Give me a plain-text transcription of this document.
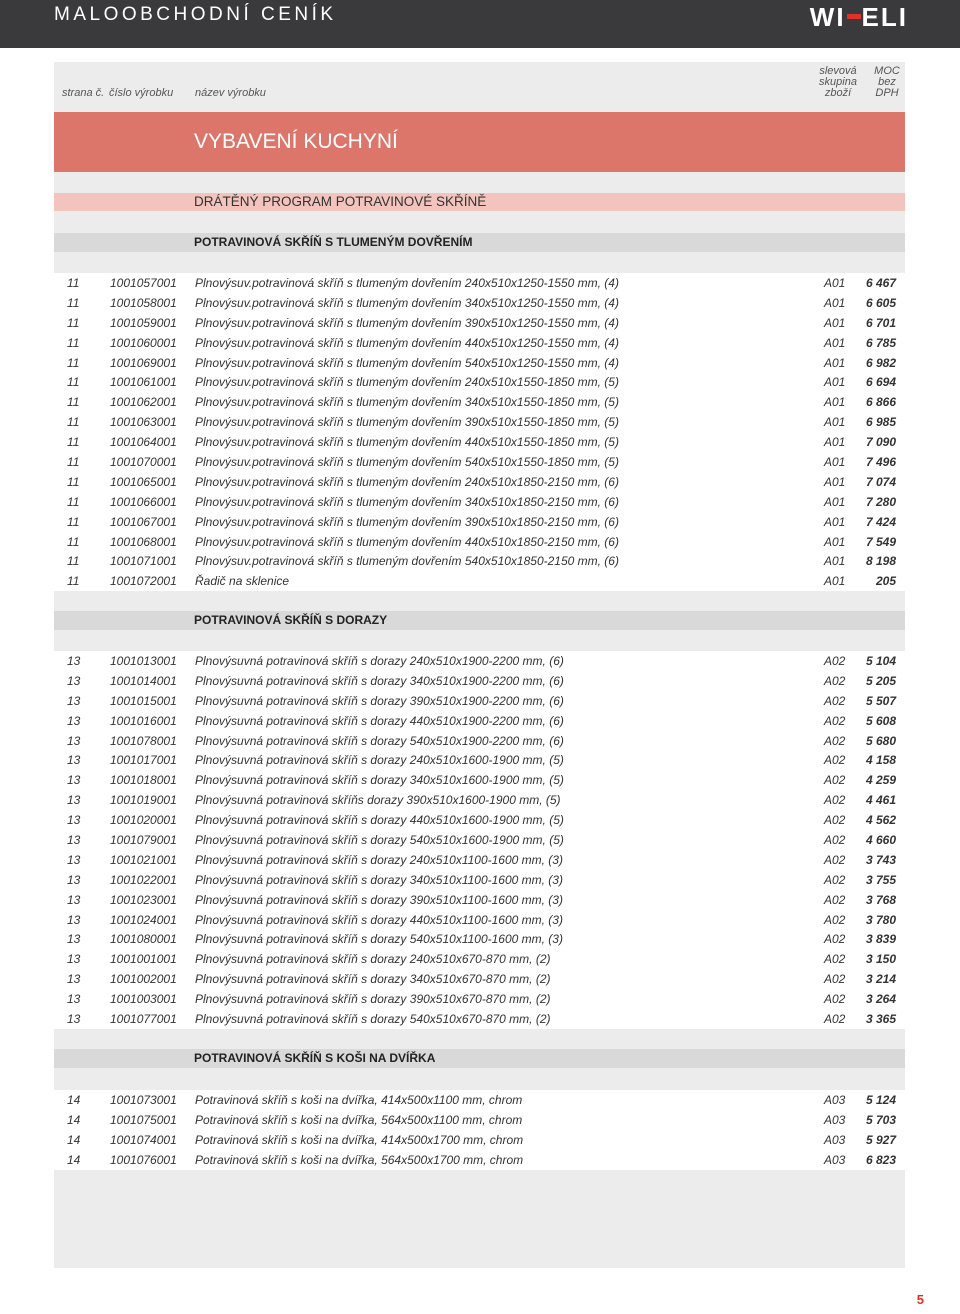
MALOOBCHODNÍ CENÍK	WI ELI
strana č. číslo výrobku název výrobku
slevová
skupina
zboží
MOC
bez
DPH
VYBAVENÍ KUCHYNÍ
DRÁTĚNÝ PROGRAM POTRAVINOVÉ SKŘÍNĚ
POTRAVINOVÁ SKŘÍŇ S TLUMENÝM DOVŘENÍM
11	1001057001 Plnovýsuv.potravinová skříň s tlumeným dovřením 240x510x1250-1550 mm, (4)	A01 6 467
11	1001058001 Plnovýsuv.potravinová skříň s tlumeným dovřením 340x510x1250-1550 mm, (4)	A01 6 605
11	1001059001 Plnovýsuv.potravinová skříň s tlumeným dovřením 390x510x1250-1550 mm, (4)	A01 6 701
11	1001060001 Plnovýsuv.potravinová skříň s tlumeným dovřením 440x510x1250-1550 mm, (4)	A01 6 785
11	1001069001 Plnovýsuv.potravinová skříň s tlumeným dovřením 540x510x1250-1550 mm, (4)	A01 6 982
11	1001061001 Plnovýsuv.potravinová skříň s tlumeným dovřením 240x510x1550-1850 mm, (5)	A01 6 694
11	1001062001 Plnovýsuv.potravinová skříň s tlumeným dovřením 340x510x1550-1850 mm, (5)	A01 6 866
11	1001063001 Plnovýsuv.potravinová skříň s tlumeným dovřením 390x510x1550-1850 mm, (5)	A01 6 985
11	1001064001 Plnovýsuv.potravinová skříň s tlumeným dovřením 440x510x1550-1850 mm, (5)	A01 7 090
11	1001070001 Plnovýsuv.potravinová skříň s tlumeným dovřením 540x510x1550-1850 mm, (5)	A01 7 496
11	1001065001 Plnovýsuv.potravinová skříň s tlumeným dovřením 240x510x1850-2150 mm, (6)	A01 7 074
11	1001066001 Plnovýsuv.potravinová skříň s tlumeným dovřením 340x510x1850-2150 mm, (6)	A01 7 280
11	1001067001 Plnovýsuv.potravinová skříň s tlumeným dovřením 390x510x1850-2150 mm, (6)	A01 7 424
11	1001068001 Plnovýsuv.potravinová skříň s tlumeným dovřením 440x510x1850-2150 mm, (6)	A01 7 549
11	1001071001 Plnovýsuv.potravinová skříň s tlumeným dovřením 540x510x1850-2150 mm, (6)	A01 8 198
11	1001072001 Řadič na sklenice	A01	205
POTRAVINOVÁ SKŘÍŇ S DORAZY
13 1001013001 Plnovýsuvná potravinová skříň s dorazy 240x510x1900-2200 mm, (6)	A02 5 104
13 1001014001 Plnovýsuvná potravinová skříň s dorazy 340x510x1900-2200 mm, (6)	A02 5 205
13 1001015001 Plnovýsuvná potravinová skříň s dorazy 390x510x1900-2200 mm, (6)	A02 5 507
13 1001016001 Plnovýsuvná potravinová skříň s dorazy 440x510x1900-2200 mm, (6)	A02 5 608
13 1001078001 Plnovýsuvná potravinová skříň s dorazy 540x510x1900-2200 mm, (6)	A02 5 680
13 1001017001 Plnovýsuvná potravinová skříň s dorazy 240x510x1600-1900 mm, (5)	A02 4 158
13 1001018001 Plnovýsuvná potravinová skříň s dorazy 340x510x1600-1900 mm, (5)	A02 4 259
13 1001019001 Plnovýsuvná potravinová skříňs dorazy 390x510x1600-1900 mm, (5)	A02 4 461
13 1001020001 Plnovýsuvná potravinová skříň s dorazy 440x510x1600-1900 mm, (5)	A02 4 562
13 1001079001 Plnovýsuvná potravinová skříň s dorazy 540x510x1600-1900 mm, (5)	A02 4 660
13 1001021001 Plnovýsuvná potravinová skříň s dorazy 240x510x1100-1600 mm, (3)	A02 3 743
13 1001022001 Plnovýsuvná potravinová skříň s dorazy 340x510x1100-1600 mm, (3)	A02 3 755
13 1001023001 Plnovýsuvná potravinová skříň s dorazy 390x510x1100-1600 mm, (3)	A02 3 768
13 1001024001 Plnovýsuvná potravinová skříň s dorazy 440x510x1100-1600 mm, (3)	A02 3 780
13 1001080001 Plnovýsuvná potravinová skříň s dorazy 540x510x1100-1600 mm, (3)	A02 3 839
13 1001001001 Plnovýsuvná potravinová skříň s dorazy 240x510x670-870 mm, (2)	A02 3 150
13 1001002001 Plnovýsuvná potravinová skříň s dorazy 340x510x670-870 mm, (2)	A02 3 214
13 1001003001 Plnovýsuvná potravinová skříň s dorazy 390x510x670-870 mm, (2)	A02 3 264
13 1001077001 Plnovýsuvná potravinová skříň s dorazy 540x510x670-870 mm, (2)	A02 3 365
POTRAVINOVÁ SKŘÍŇ S KOŠI NA DVÍŘKA
14 1001073001 Potravinová skříň s koši na dvířka, 414x500x1100 mm, chrom	A03 5 124
14 1001075001 Potravinová skříň s koši na dvířka, 564x500x1100 mm, chrom	A03 5 703
14 1001074001 Potravinová skříň s koši na dvířka, 414x500x1700 mm, chrom	A03 5 927
14 1001076001 Potravinová skříň s koši na dvířka, 564x500x1700 mm, chrom	A03 6 823
5
